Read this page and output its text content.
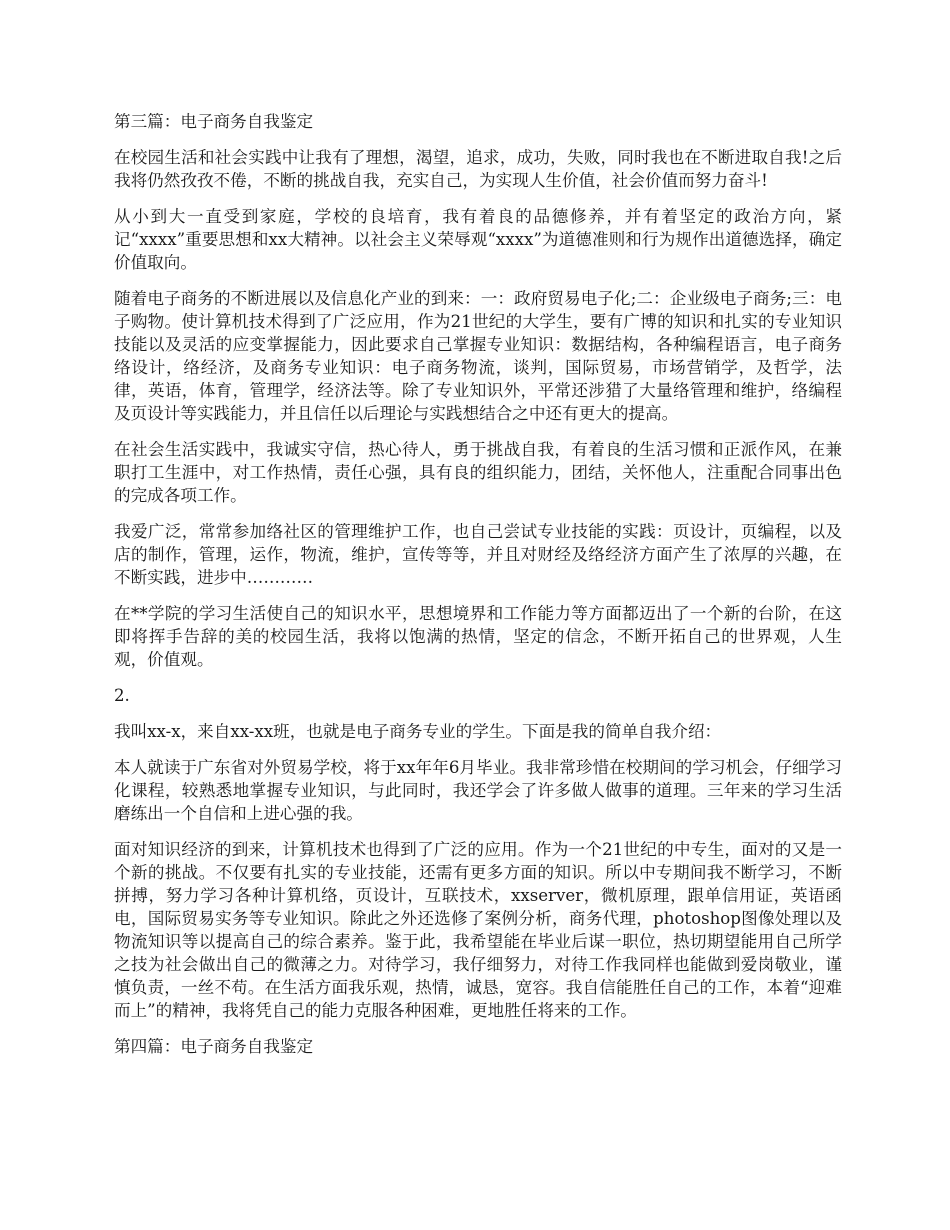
第三篇：电子商务自我鉴定

在校园生活和社会实践中让我有了理想，渴望，追求，成功，失败，同时我也在不断进取自我!之后我将仍然孜孜不倦，不断的挑战自我，充实自己，为实现人生价值，社会价值而努力奋斗!

从小到大一直受到家庭，学校的良培育，我有着良的品德修养，并有着坚定的政治方向，紧记“xxxx”重要思想和xx大精神。以社会主义荣辱观“xxxx”为道德准则和行为规作出道德选择，确定价值取向。

随着电子商务的不断进展以及信息化产业的到来：一：政府贸易电子化;二：企业级电子商务;三：电子购物。使计算机技术得到了广泛应用，作为21世纪的大学生，要有广博的知识和扎实的专业知识技能以及灵活的应变掌握能力，因此要求自己掌握专业知识：数据结构，各种编程语言，电子商务络设计，络经济，及商务专业知识：电子商务物流，谈判，国际贸易，市场营销学，及哲学，法律，英语，体育，管理学，经济法等。除了专业知识外，平常还涉猎了大量络管理和维护，络编程及页设计等实践能力，并且信任以后理论与实践想结合之中还有更大的提高。

在社会生活实践中，我诚实守信，热心待人，勇于挑战自我，有着良的生活习惯和正派作风，在兼职打工生涯中，对工作热情，责任心强，具有良的组织能力，团结，关怀他人，注重配合同事出色的完成各项工作。

我爱广泛，常常参加络社区的管理维护工作，也自己尝试专业技能的实践：页设计，页编程，以及店的制作，管理，运作，物流，维护，宣传等等，并且对财经及络经济方面产生了浓厚的兴趣，在不断实践，进步中…………

在**学院的学习生活使自己的知识水平，思想境界和工作能力等方面都迈出了一个新的台阶，在这即将挥手告辞的美的校园生活，我将以饱满的热情，坚定的信念，不断开拓自己的世界观，人生观，价值观。

2.

我叫xx-x，来自xx-xx班，也就是电子商务专业的学生。下面是我的简单自我介绍：

本人就读于广东省对外贸易学校，将于xx年年6月毕业。我非常珍惜在校期间的学习机会，仔细学习化课程，较熟悉地掌握专业知识，与此同时，我还学会了许多做人做事的道理。三年来的学习生活磨练出一个自信和上进心强的我。

面对知识经济的到来，计算机技术也得到了广泛的应用。作为一个21世纪的中专生，面对的又是一个新的挑战。不仅要有扎实的专业技能，还需有更多方面的知识。所以中专期间我不断学习，不断拼搏，努力学习各种计算机络，页设计，互联技术，xxserver，微机原理，跟单信用证，英语函电，国际贸易实务等专业知识。除此之外还选修了案例分析，商务代理，photoshop图像处理以及物流知识等以提高自己的综合素养。鉴于此，我希望能在毕业后谋一职位，热切期望能用自己所学之技为社会做出自己的微薄之力。对待学习，我仔细努力，对待工作我同样也能做到爱岗敬业，谨慎负责，一丝不苟。在生活方面我乐观，热情，诚恳，宽容。我自信能胜任自己的工作，本着“迎难而上”的精神，我将凭自己的能力克服各种困难，更地胜任将来的工作。

第四篇：电子商务自我鉴定
